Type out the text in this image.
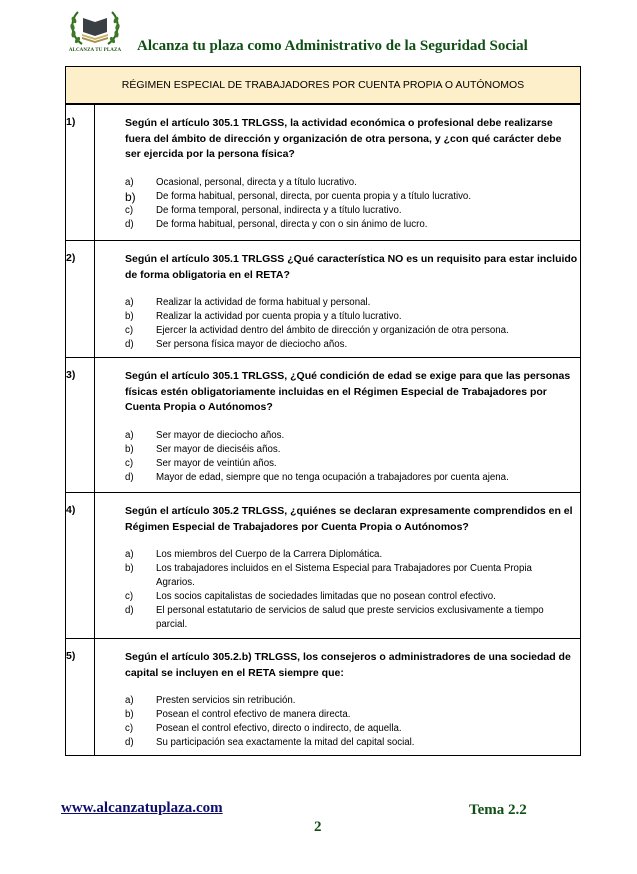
ALCANZA TU PLAZA Alcanza tu plaza como Administrativo de la Seguridad Social
RÉGIMEN ESPECIAL DE TRABAJADORES POR CUENTA PROPIA O AUTÓNOMOS
1)	Según el artículo 305.1 TRLGSS, la actividad económica o profesional debe realizarse fuera del ámbito de dirección y organización de otra persona, y ¿con qué carácter debe ser ejercida por la persona física?
a)	Ocasional, personal, directa y a título lucrativo.
b)	De forma habitual, personal, directa, por cuenta propia y a título lucrativo.
c)	De forma temporal, personal, indirecta y a título lucrativo.
d)	De forma habitual, personal, directa y con o sin ánimo de lucro.
2)	Según el artículo 305.1 TRLGSS ¿Qué característica NO es un requisito para estar incluido de forma obligatoria en el RETA?
a)	Realizar la actividad de forma habitual y personal.
b)	Realizar la actividad por cuenta propia y a título lucrativo.
c)	Ejercer la actividad dentro del ámbito de dirección y organización de otra persona.
d)	Ser persona física mayor de dieciocho años.
3)	Según el artículo 305.1 TRLGSS, ¿Qué condición de edad se exige para que las personas físicas estén obligatoriamente incluidas en el Régimen Especial de Trabajadores por Cuenta Propia o Autónomos?
a)	Ser mayor de dieciocho años.
b)	Ser mayor de dieciséis años.
c)	Ser mayor de veintiún años.
d)	Mayor de edad, siempre que no tenga ocupación a trabajadores por cuenta ajena.
4)	Según el artículo 305.2 TRLGSS, ¿quiénes se declaran expresamente comprendidos en el Régimen Especial de Trabajadores por Cuenta Propia o Autónomos?
a)	Los miembros del Cuerpo de la Carrera Diplomática.
b)	Los trabajadores incluidos en el Sistema Especial para Trabajadores por Cuenta Propia Agrarios.
c)	Los socios capitalistas de sociedades limitadas que no posean control efectivo.
d)	El personal estatutario de servicios de salud que preste servicios exclusivamente a tiempo parcial.
5)	Según el artículo 305.2.b) TRLGSS, los consejeros o administradores de una sociedad de capital se incluyen en el RETA siempre que:
a)	Presten servicios sin retribución.
b)	Posean el control efectivo de manera directa.
c)	Posean el control efectivo, directo o indirecto, de aquella.
d)	Su participación sea exactamente la mitad del capital social.
www.alcanzatuplaza.com	Tema 2.2
2
